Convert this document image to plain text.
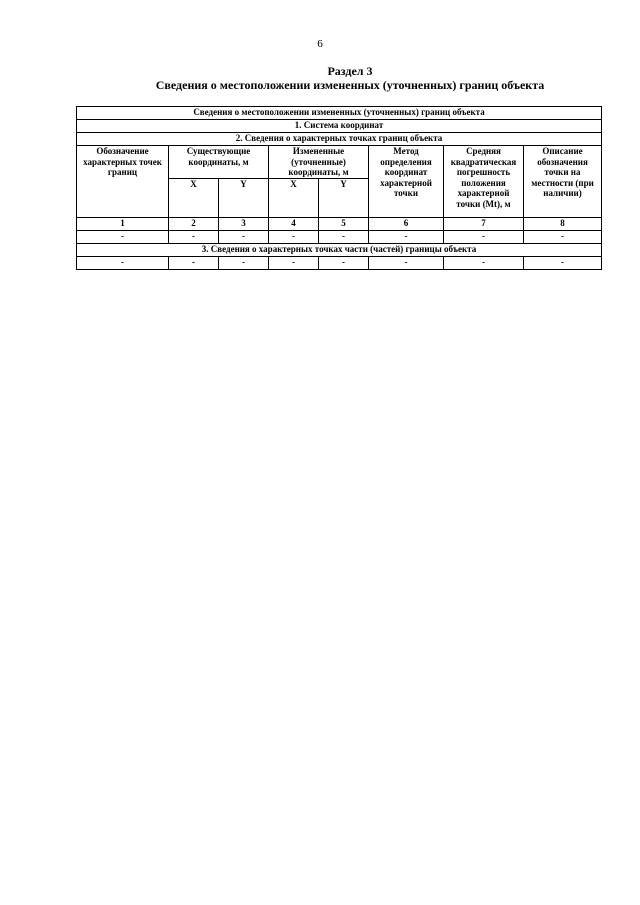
6
Раздел 3
Сведения о местоположении измененных (уточненных) границ объекта
Сведения о местоположении измененных (уточненных) границ объекта							
1. Система координат							
2. Сведения о характерных точках границ объекта							
Обозначение характерных точек границ	Существующие координаты, м		Измененные (уточненные) координаты, м		Метод определения координат характерной точки	Средняя квадратическая погрешность положения характерной точки (Mt), м	Описание обозначения точки на местности (при наличии)
	X	Y	X	Y			
1	2	3	4	5	6	7	8
-	-	-	-	-	-	-	-
3. Сведения о характерных точках части (частей) границы объекта							
-	-	-	-	-	-	-	-
